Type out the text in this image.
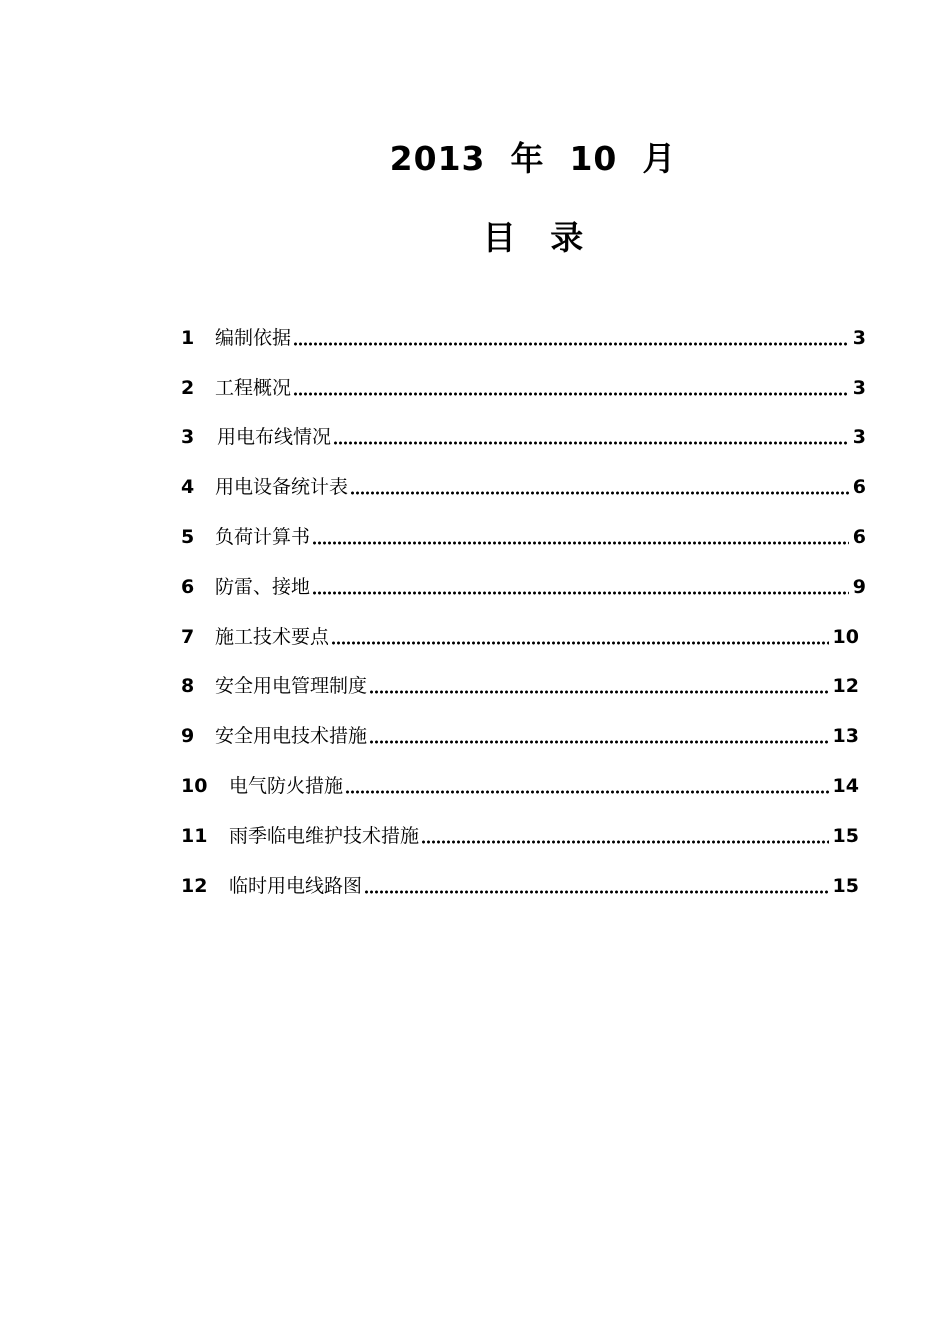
2013  年  10  月
目   录
1	编制依据	3
2	工程概况	3
3	用电布线情况	3
4	用电设备统计表	6
5	负荷计算书	6
6	防雷、接地	9
7	施工技术要点	10
8	安全用电管理制度	12
9	安全用电技术措施	13
10	电气防火措施	14
11	雨季临电维护技术措施	15
12	临时用电线路图	15
